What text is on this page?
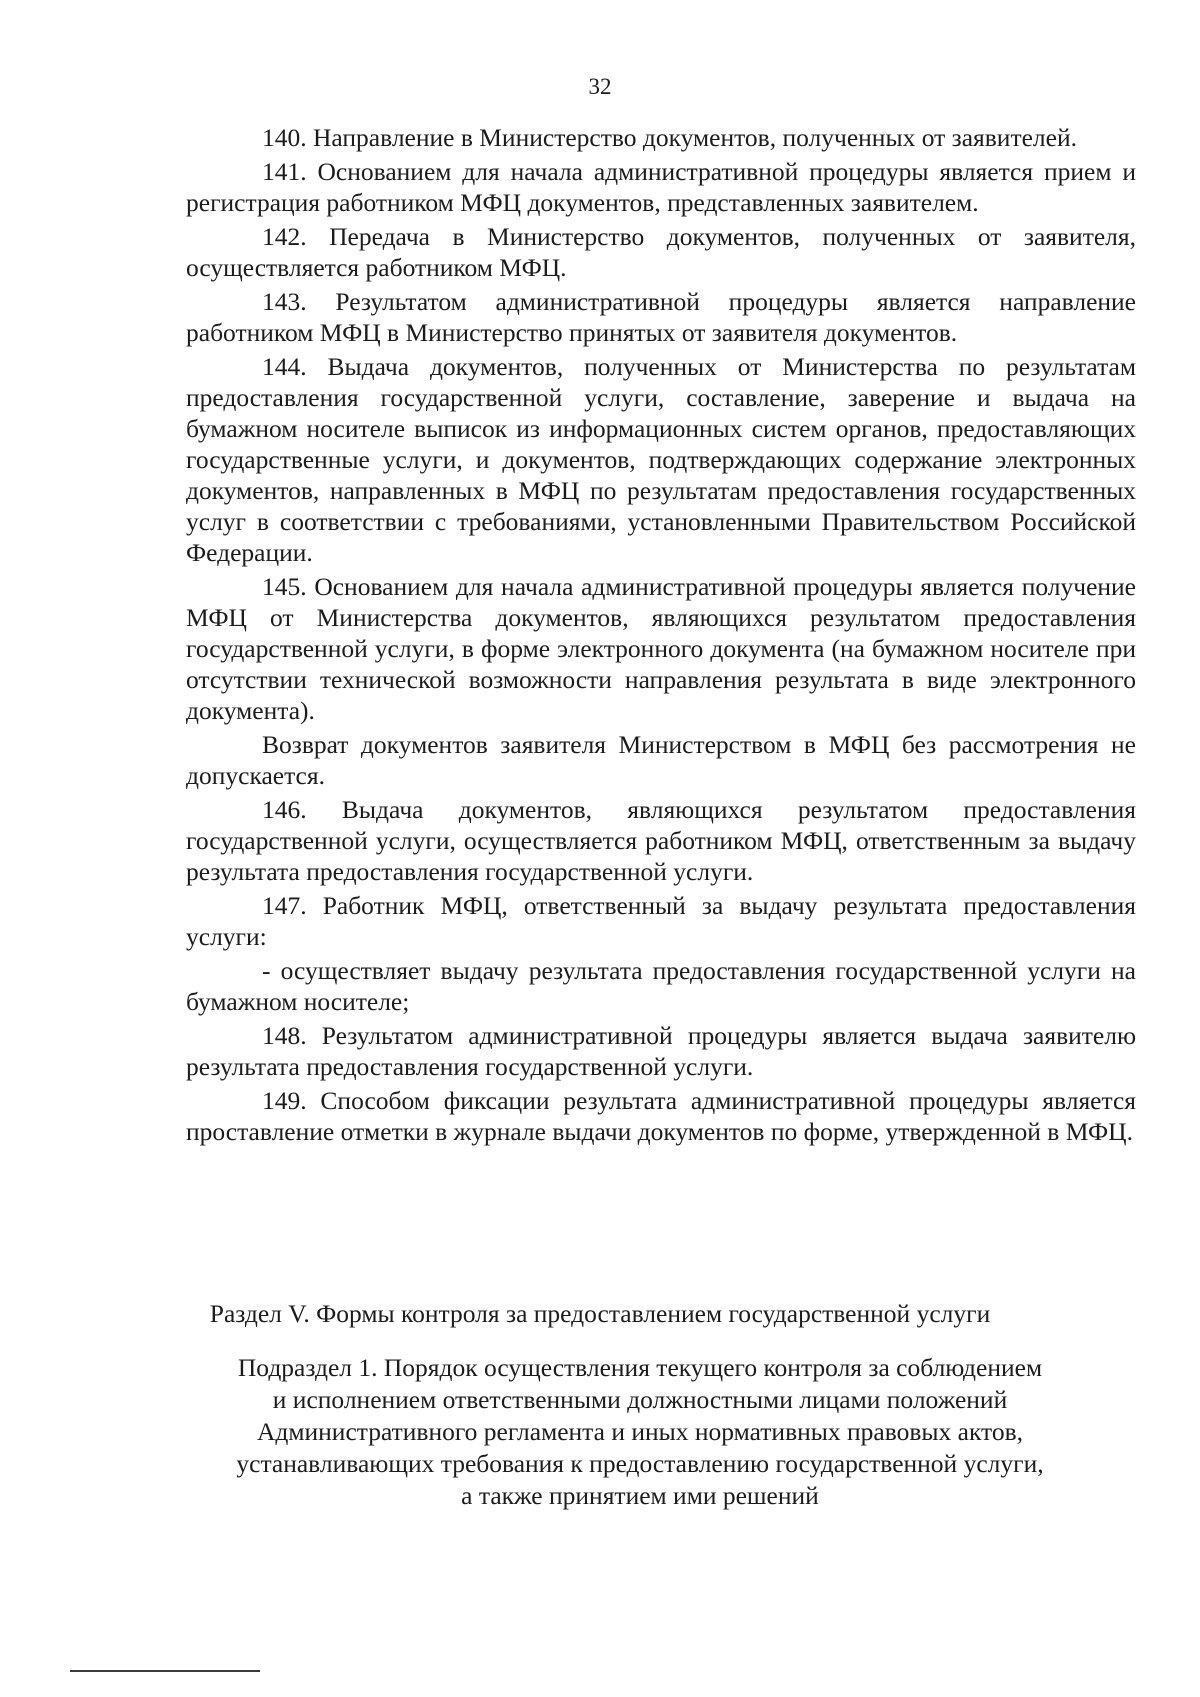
32

140. Направление в Министерство документов, полученных от заявителей.

141. Основанием для начала административной процедуры является прием и регистрация работником МФЦ документов, представленных заявителем.

142. Передача в Министерство документов, полученных от заявителя, осуществляется работником МФЦ.

143. Результатом административной процедуры является направление работником МФЦ в Министерство принятых от заявителя документов.

144. Выдача документов, полученных от Министерства по результатам предоставления государственной услуги, составление, заверение и выдача на бумажном носителе выписок из информационных систем органов, предоставляющих государственные услуги, и документов, подтверждающих содержание электронных документов, направленных в МФЦ по результатам предоставления государственных услуг в соответствии с требованиями, установленными Правительством Российской Федерации.

145. Основанием для начала административной процедуры является получение МФЦ от Министерства документов, являющихся результатом предоставления государственной услуги, в форме электронного документа (на бумажном носителе при отсутствии технической возможности направления результата в виде электронного документа).

Возврат документов заявителя Министерством в МФЦ без рассмотрения не допускается.

146. Выдача документов, являющихся результатом предоставления государственной услуги, осуществляется работником МФЦ, ответственным за выдачу результата предоставления государственной услуги.

147. Работник МФЦ, ответственный за выдачу результата предоставления услуги:

- осуществляет выдачу результата предоставления государственной услуги на бумажном носителе;

148. Результатом административной процедуры является выдача заявителю результата предоставления государственной услуги.

149. Способом фиксации результата административной процедуры является проставление отметки в журнале выдачи документов по форме, утвержденной в МФЦ.

Раздел V. Формы контроля за предоставлением государственной услуги
Подраздел 1. Порядок осуществления текущего контроля за соблюдением
и исполнением ответственными должностными лицами положений
Административного регламента и иных нормативных правовых актов,
устанавливающих требования к предоставлению государственной услуги,
а также принятием ими решений
